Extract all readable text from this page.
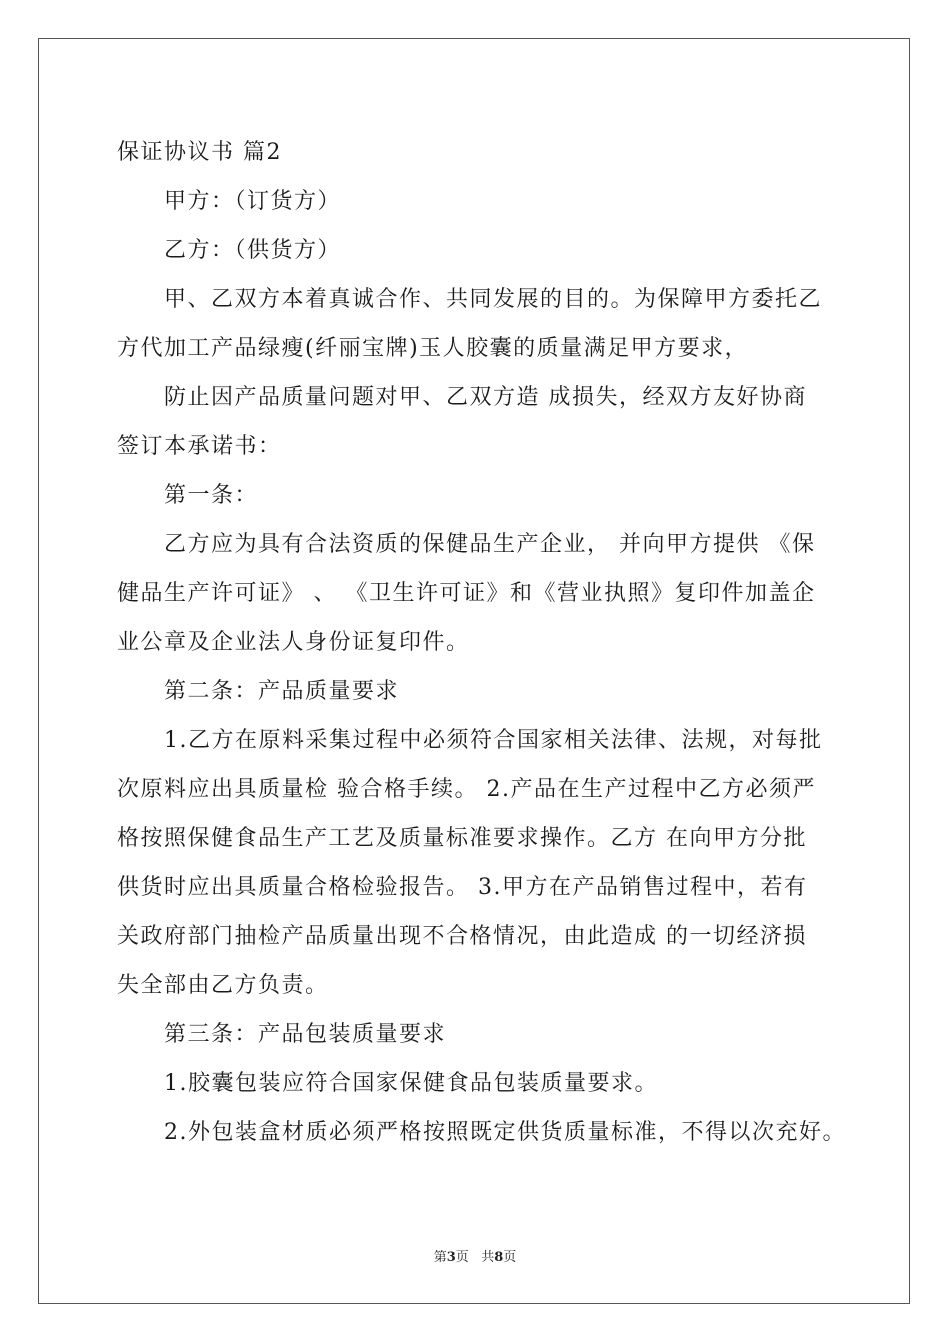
保证协议书 篇2
甲方：（订货方）
乙方：（供货方）
甲、乙双方本着真诚合作、共同发展的目的。为保障甲方委托乙
方代加工产品绿瘦(纤丽宝牌)玉人胶囊的质量满足甲方要求，
防止因产品质量问题对甲、乙双方造 成损失，经双方友好协商
签订本承诺书：
第一条：
乙方应为具有合法资质的保健品生产企业， 并向甲方提供 《保
健品生产许可证》 、 《卫生许可证》和《营业执照》复印件加盖企
业公章及企业法人身份证复印件。
第二条：产品质量要求
1.乙方在原料采集过程中必须符合国家相关法律、法规，对每批
次原料应出具质量检 验合格手续。 2.产品在生产过程中乙方必须严
格按照保健食品生产工艺及质量标准要求操作。乙方 在向甲方分批
供货时应出具质量合格检验报告。 3.甲方在产品销售过程中，若有
关政府部门抽检产品质量出现不合格情况，由此造成 的一切经济损
失全部由乙方负责。
第三条：产品包装质量要求
1.胶囊包装应符合国家保健食品包装质量要求。
2.外包装盒材质必须严格按照既定供货质量标准，不得以次充好。
第3页 共8页
